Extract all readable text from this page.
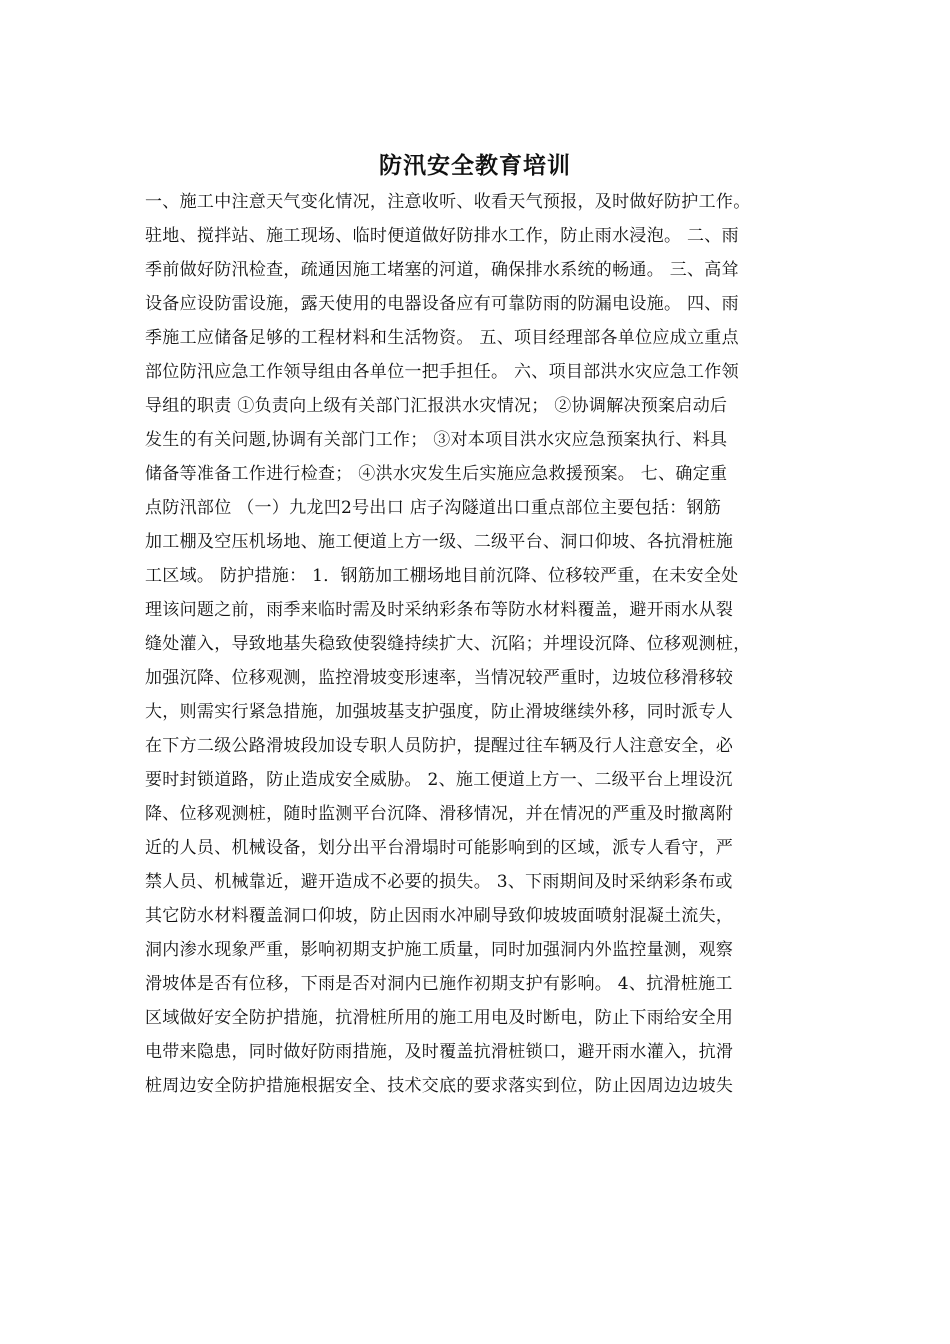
防汛安全教育培训
一、施工中注意天气变化情况，注意收听、收看天气预报，及时做好防护工作。
驻地、搅拌站、施工现场、临时便道做好防排水工作，防止雨水浸泡。 二、雨
季前做好防汛检查，疏通因施工堵塞的河道，确保排水系统的畅通。 三、高耸
设备应设防雷设施，露天使用的电器设备应有可靠防雨的防漏电设施。 四、雨
季施工应储备足够的工程材料和生活物资。 五、项目经理部各单位应成立重点
部位防汛应急工作领导组由各单位一把手担任。 六、项目部洪水灾应急工作领
导组的职责 ①负责向上级有关部门汇报洪水灾情况； ②协调解决预案启动后
发生的有关问题,协调有关部门工作； ③对本项目洪水灾应急预案执行、料具
储备等准备工作进行检查； ④洪水灾发生后实施应急救援预案。 七、确定重
点防汛部位 （一）九龙凹2号出口 店子沟隧道出口重点部位主要包括：钢筋
加工棚及空压机场地、施工便道上方一级、二级平台、洞口仰坡、各抗滑桩施
工区域。 防护措施： 1．钢筋加工棚场地目前沉降、位移较严重，在未安全处
理该问题之前，雨季来临时需及时采纳彩条布等防水材料覆盖，避开雨水从裂
缝处灌入，导致地基失稳致使裂缝持续扩大、沉陷；并埋设沉降、位移观测桩，
加强沉降、位移观测，监控滑坡变形速率，当情况较严重时，边坡位移滑移较
大，则需实行紧急措施，加强坡基支护强度，防止滑坡继续外移，同时派专人
在下方二级公路滑坡段加设专职人员防护，提醒过往车辆及行人注意安全，必
要时封锁道路，防止造成安全威胁。 2、施工便道上方一、二级平台上埋设沉
降、位移观测桩，随时监测平台沉降、滑移情况，并在情况的严重及时撤离附
近的人员、机械设备，划分出平台滑塌时可能影响到的区域，派专人看守，严
禁人员、机械靠近，避开造成不必要的损失。 3、下雨期间及时采纳彩条布或
其它防水材料覆盖洞口仰坡，防止因雨水冲刷导致仰坡坡面喷射混凝土流失，
洞内渗水现象严重，影响初期支护施工质量，同时加强洞内外监控量测，观察
滑坡体是否有位移，下雨是否对洞内已施作初期支护有影响。 4、抗滑桩施工
区域做好安全防护措施，抗滑桩所用的施工用电及时断电，防止下雨给安全用
电带来隐患，同时做好防雨措施，及时覆盖抗滑桩锁口，避开雨水灌入，抗滑
桩周边安全防护措施根据安全、技术交底的要求落实到位，防止因周边边坡失
